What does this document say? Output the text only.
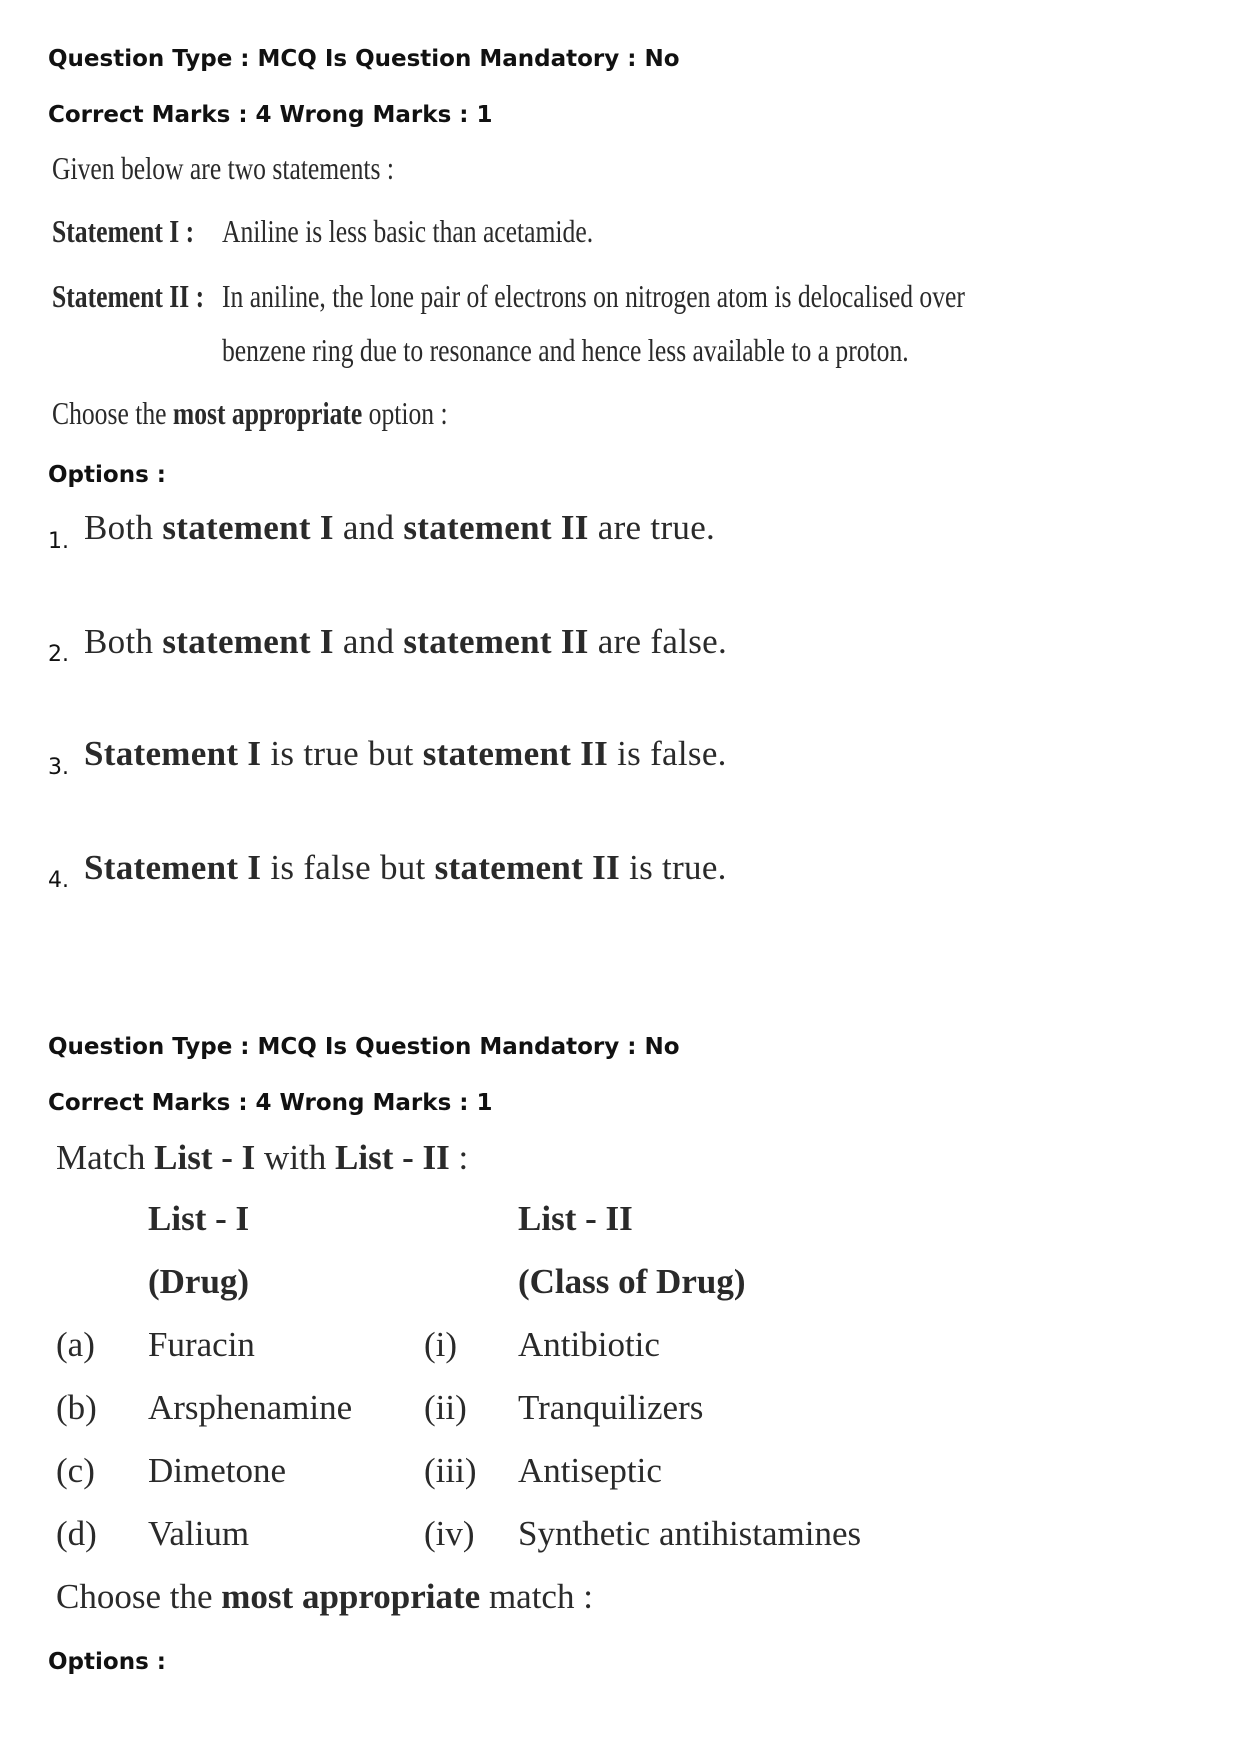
Question Type : MCQ Is Question Mandatory : No
Correct Marks : 4 Wrong Marks : 1
Given below are two statements :
Statement I : Aniline is less basic than acetamide.
Statement II : In aniline, the lone pair of electrons on nitrogen atom is delocalised over
benzene ring due to resonance and hence less available to a proton.
Choose the most appropriate option :
Options :
1. Both statement I and statement II are true.
2. Both statement I and statement II are false.
3. Statement I is true but statement II is false.
4. Statement I is false but statement II is true.
Question Type : MCQ Is Question Mandatory : No
Correct Marks : 4 Wrong Marks : 1
Match List - I with List - II :
List - I	List - II
(Drug)	(Class of Drug)
(a) Furacin	(i) Antibiotic
(b) Arsphenamine (ii) Tranquilizers
(c) Dimetone	(iii) Antiseptic
(d) Valium	(iv) Synthetic antihistamines
Choose the most appropriate match :
Options :
